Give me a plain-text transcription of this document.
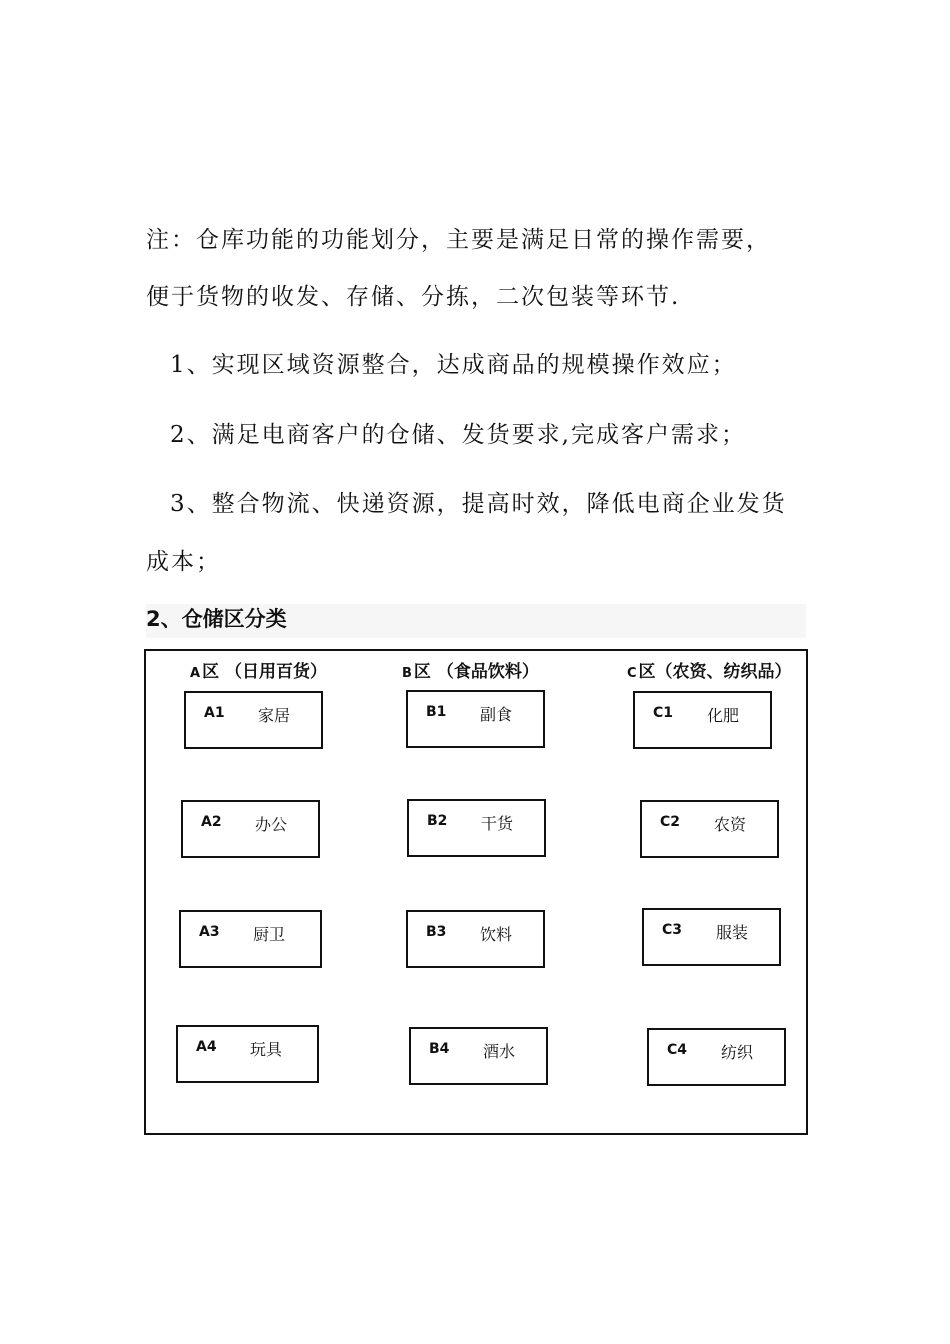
注：仓库功能的功能划分，主要是满足日常的操作需要，

便于货物的收发、存储、分拣，二次包装等环节.

1、实现区域资源整合，达成商品的规模操作效应；

2、满足电商客户的仓储、发货要求,完成客户需求；

3、整合物流、快递资源，提高时效，降低电商企业发货

成本；

2、仓储区分类
A 区 （日用百货）
A1 家居
A2 办公
A3 厨卫
A4 玩具
B 区 （食品饮料）
B1 副食
B2 干货
B3 饮料
B4 酒水
C 区（农资、纺织品）
C1 化肥
C2 农资
C3 服装
C4 纺织
